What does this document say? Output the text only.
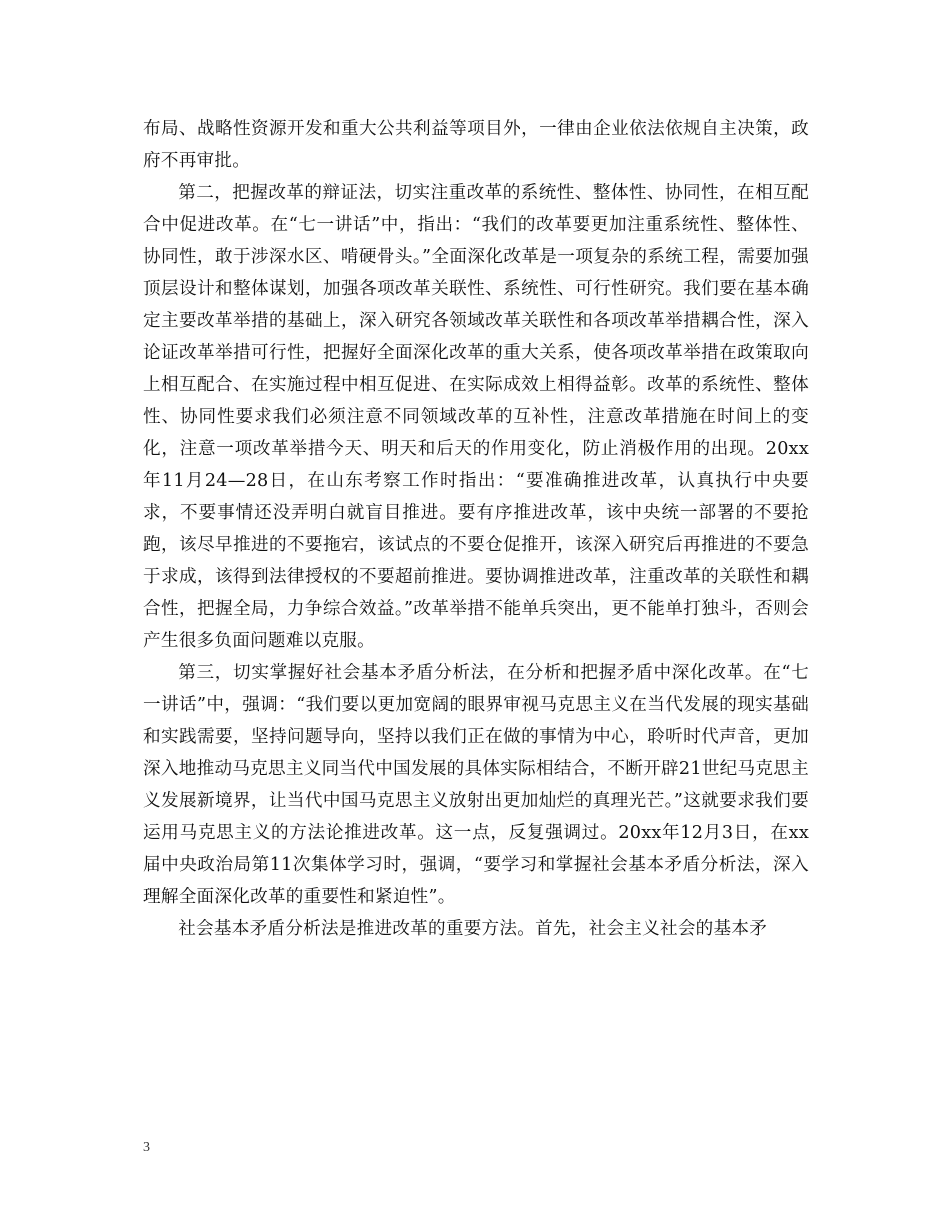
布局、战略性资源开发和重大公共利益等项目外，一律由企业依法依规自主决策，政府不再审批。

第二，把握改革的辩证法，切实注重改革的系统性、整体性、协同性，在相互配合中促进改革。在“七一讲话”中，指出：“我们的改革要更加注重系统性、整体性、协同性，敢于涉深水区、啃硬骨头。”全面深化改革是一项复杂的系统工程，需要加强顶层设计和整体谋划，加强各项改革关联性、系统性、可行性研究。我们要在基本确定主要改革举措的基础上，深入研究各领域改革关联性和各项改革举措耦合性，深入论证改革举措可行性，把握好全面深化改革的重大关系，使各项改革举措在政策取向上相互配合、在实施过程中相互促进、在实际成效上相得益彰。改革的系统性、整体性、协同性要求我们必须注意不同领域改革的互补性，注意改革措施在时间上的变化，注意一项改革举措今天、明天和后天的作用变化，防止消极作用的出现。20xx年11月24—28日，在山东考察工作时指出：“要准确推进改革，认真执行中央要求，不要事情还没弄明白就盲目推进。要有序推进改革，该中央统一部署的不要抢跑，该尽早推进的不要拖宕，该试点的不要仓促推开，该深入研究后再推进的不要急于求成，该得到法律授权的不要超前推进。要协调推进改革，注重改革的关联性和耦合性，把握全局，力争综合效益。”改革举措不能单兵突出，更不能单打独斗，否则会产生很多负面问题难以克服。

第三，切实掌握好社会基本矛盾分析法，在分析和把握矛盾中深化改革。在“七一讲话”中，强调：“我们要以更加宽阔的眼界审视马克思主义在当代发展的现实基础和实践需要，坚持问题导向，坚持以我们正在做的事情为中心，聆听时代声音，更加深入地推动马克思主义同当代中国发展的具体实际相结合，不断开辟21世纪马克思主义发展新境界，让当代中国马克思主义放射出更加灿烂的真理光芒。”这就要求我们要运用马克思主义的方法论推进改革。这一点，反复强调过。20xx年12月3日，在xx届中央政治局第11次集体学习时，强调，“要学习和掌握社会基本矛盾分析法，深入理解全面深化改革的重要性和紧迫性”。

社会基本矛盾分析法是推进改革的重要方法。首先，社会主义社会的基本矛

3
